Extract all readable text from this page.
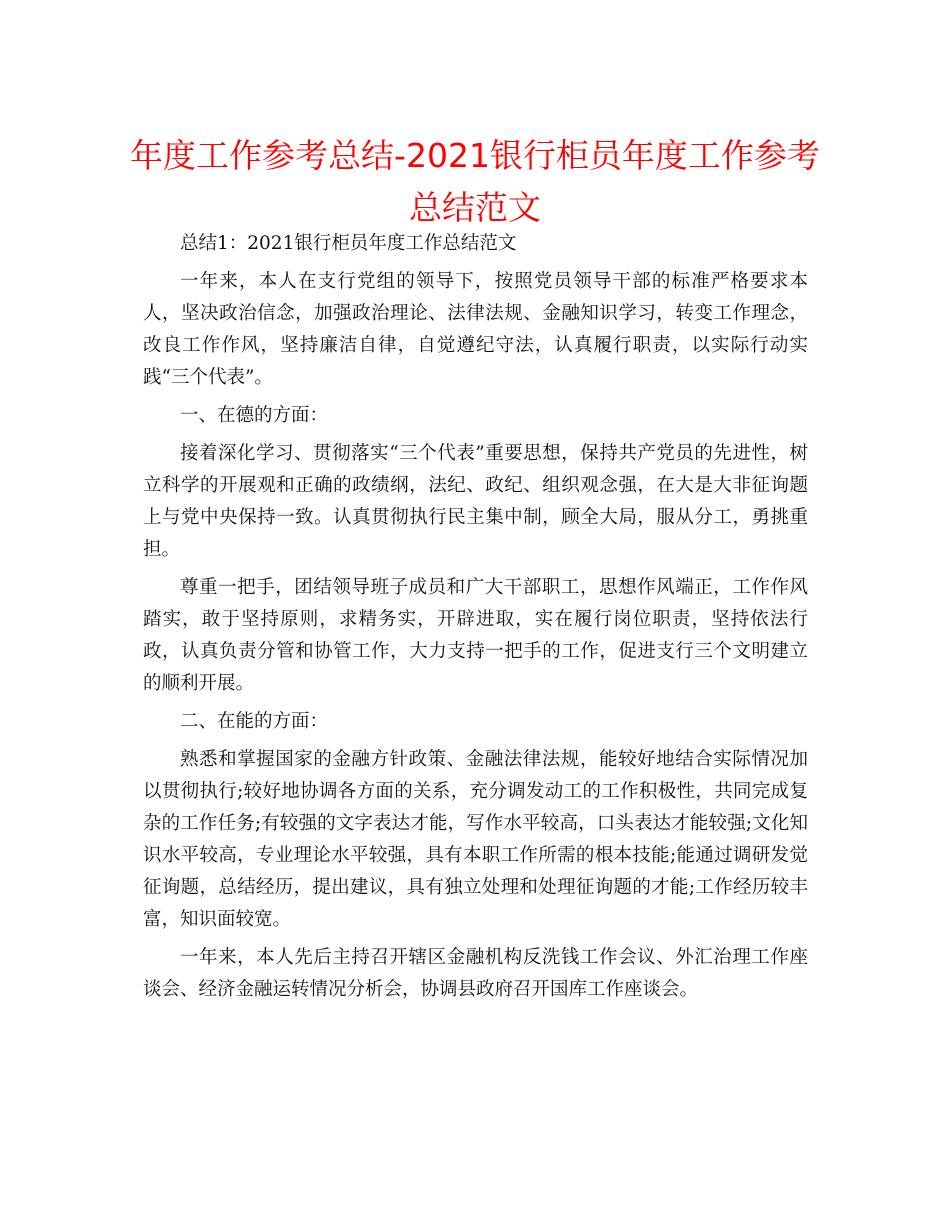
年度工作参考总结-2021银行柜员年度工作参考总结范文

总结1：2021银行柜员年度工作总结范文

一年来，本人在支行党组的领导下，按照党员领导干部的标准严格要求本人，坚决政治信念，加强政治理论、法律法规、金融知识学习，转变工作理念，改良工作作风，坚持廉洁自律，自觉遵纪守法，认真履行职责，以实际行动实践“三个代表”。

一、在德的方面：

接着深化学习、贯彻落实“三个代表”重要思想，保持共产党员的先进性，树立科学的开展观和正确的政绩纲，法纪、政纪、组织观念强，在大是大非征询题上与党中央保持一致。认真贯彻执行民主集中制，顾全大局，服从分工，勇挑重担。

尊重一把手，团结领导班子成员和广大干部职工，思想作风端正，工作作风踏实，敢于坚持原则，求精务实，开辟进取，实在履行岗位职责，坚持依法行政，认真负责分管和协管工作，大力支持一把手的工作，促进支行三个文明建立的顺利开展。

二、在能的方面：

熟悉和掌握国家的金融方针政策、金融法律法规，能较好地结合实际情况加以贯彻执行;较好地协调各方面的关系，充分调发动工的工作积极性，共同完成复杂的工作任务;有较强的文字表达才能，写作水平较高，口头表达才能较强;文化知识水平较高，专业理论水平较强，具有本职工作所需的根本技能;能通过调研发觉征询题，总结经历，提出建议，具有独立处理和处理征询题的才能;工作经历较丰富，知识面较宽。

一年来，本人先后主持召开辖区金融机构反洗钱工作会议、外汇治理工作座谈会、经济金融运转情况分析会，协调县政府召开国库工作座谈会。
